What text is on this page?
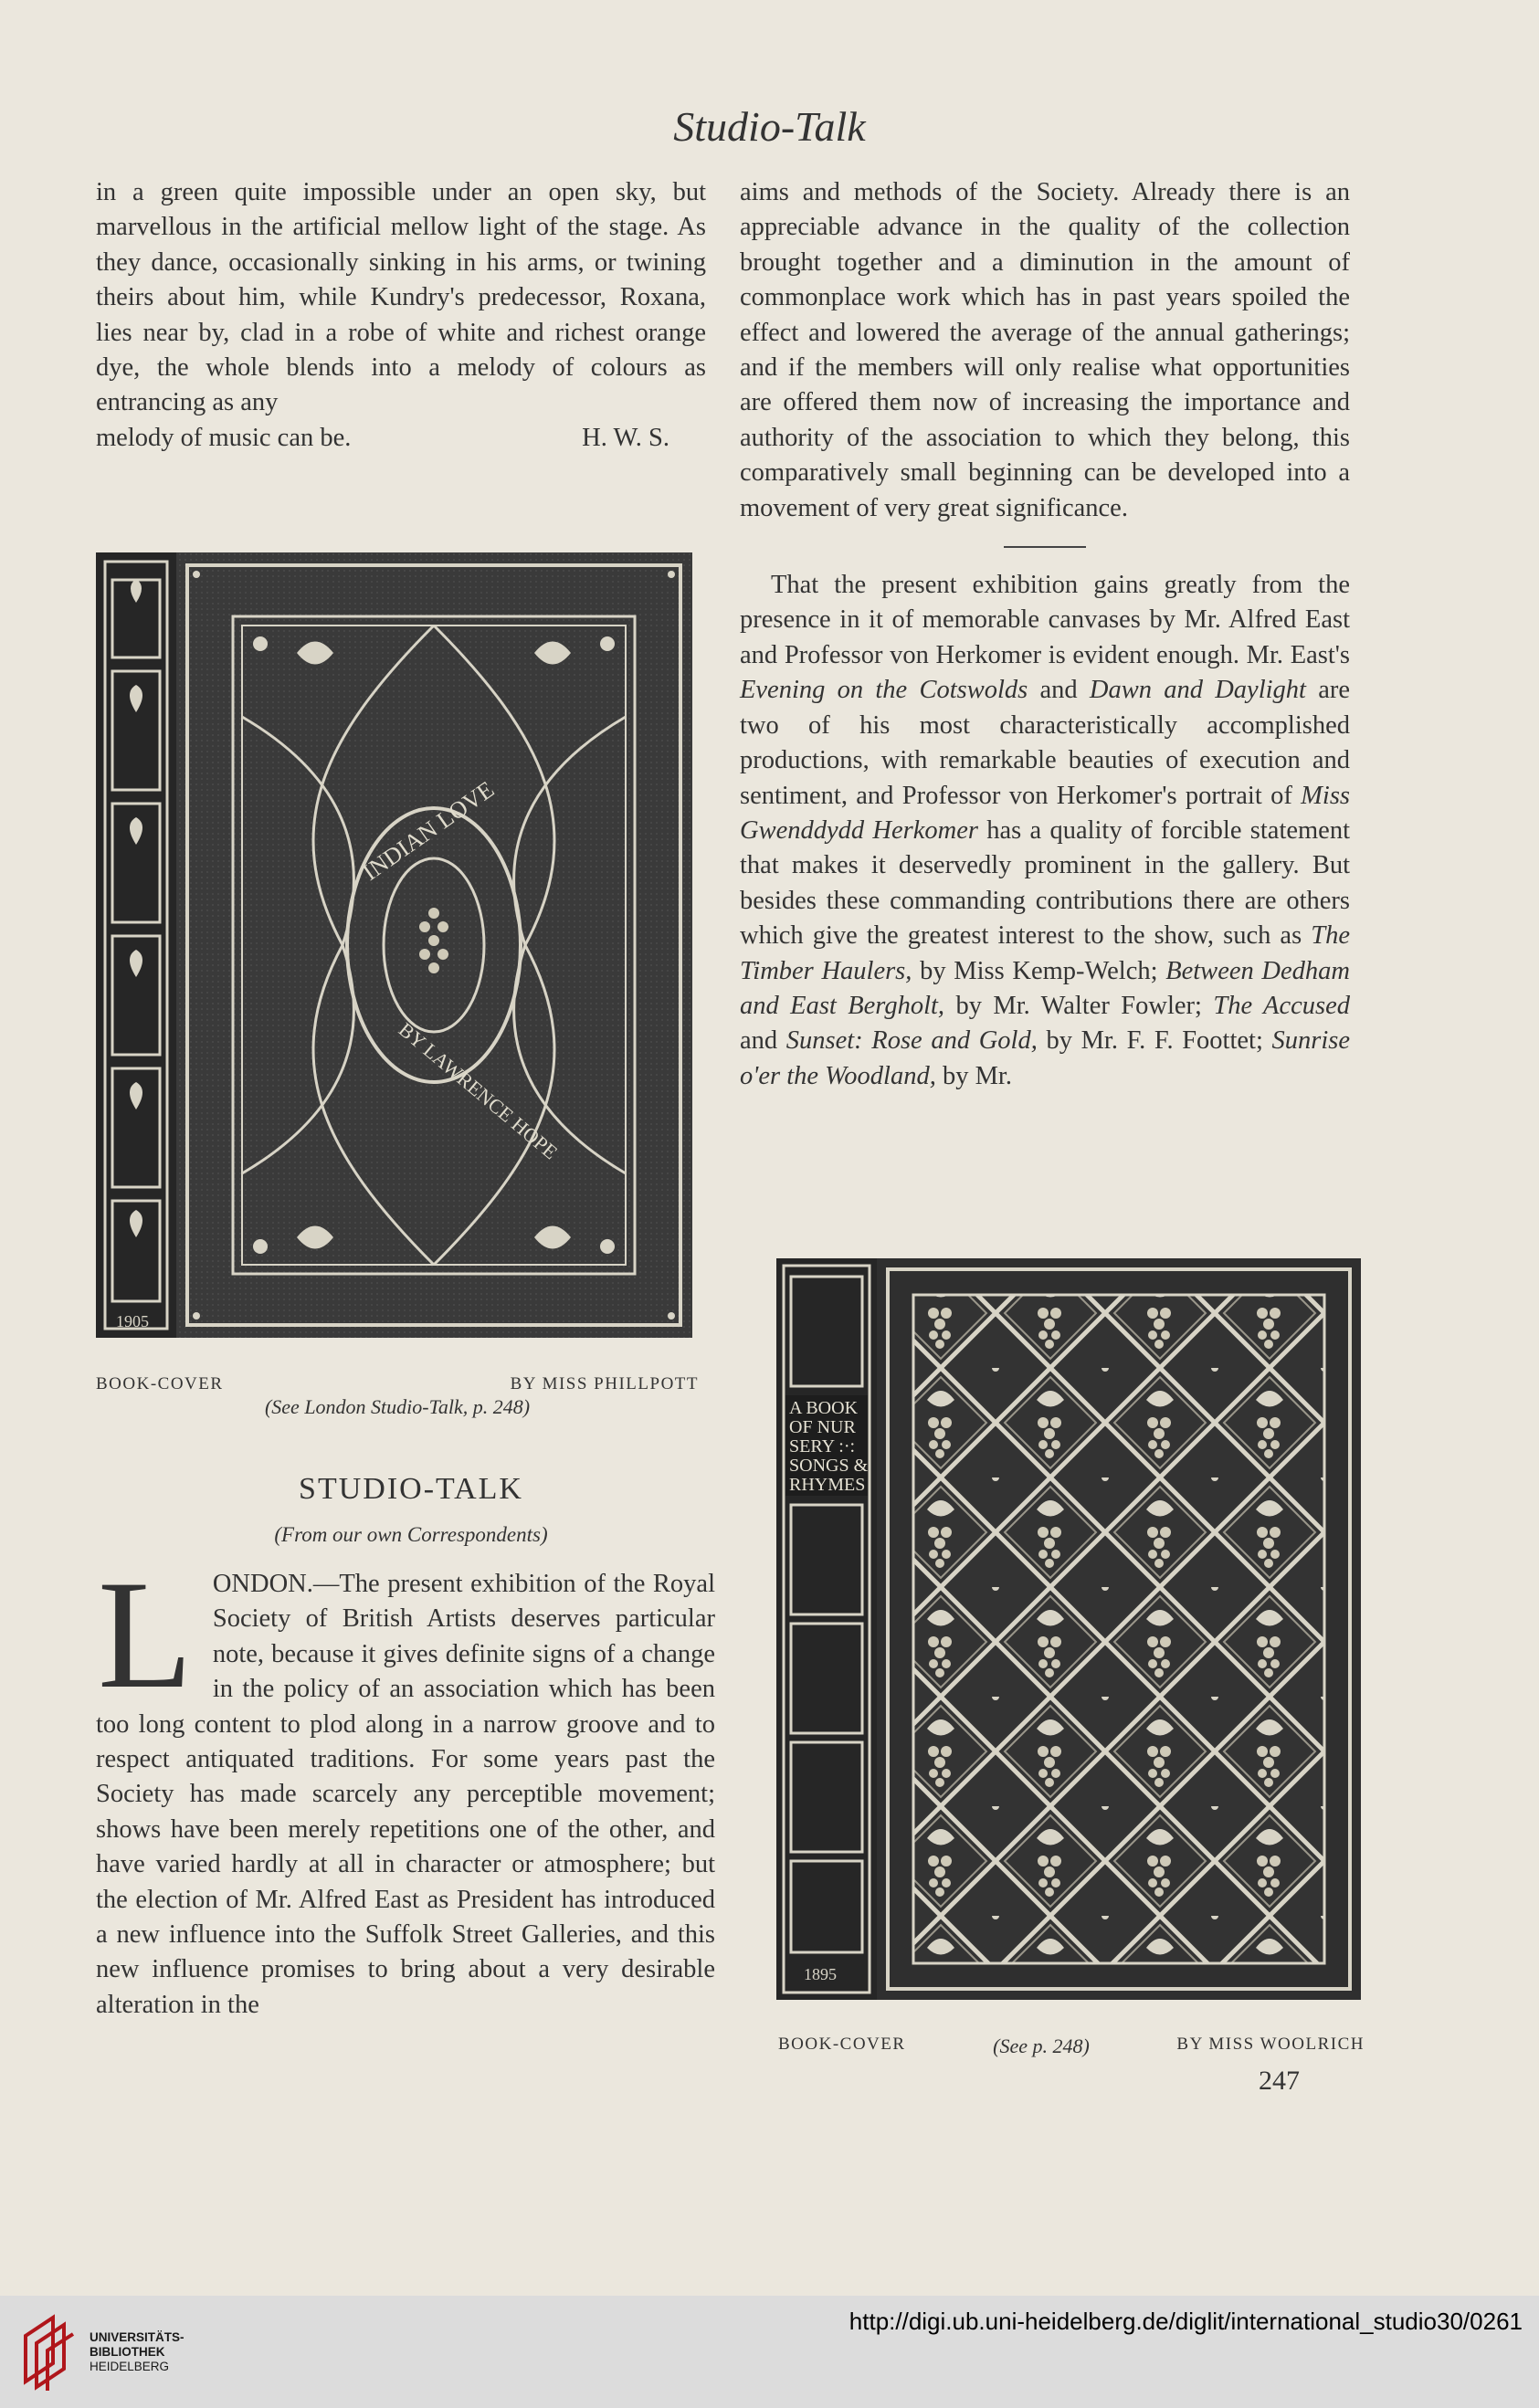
Studio-Talk

in a green quite impossible under an open sky, but marvellous in the artificial mellow light of the stage. As they dance, occasionally sinking in his arms, or twining theirs about him, while Kundry's predecessor, Roxana, lies near by, clad in a robe of white and richest orange dye, the whole blends into a melody of colours as entrancing as any

melody of music can be.	H. W. S.

aims and methods of the Society. Already there is an appreciable advance in the quality of the collection brought together and a diminution in the amount of commonplace work which has in past years spoiled the effect and lowered the average of the annual gatherings; and if the members will only realise what opportunities are offered them now of increasing the importance and authority of the association to which they belong, this comparatively small beginning can be developed into a movement of very great significance.

That the present exhibition gains greatly from the presence in it of memorable canvases by Mr. Alfred East and Professor von Herkomer is evident enough. Mr. East's Evening on the Cotswolds and Dawn and Daylight are two of his most characteristically accomplished productions, with remarkable beauties of execution and sentiment, and Professor von Herkomer's portrait of Miss Gwenddydd Herkomer has a quality of forcible statement that makes it deservedly prominent in the gallery. But besides these commanding contributions there are others which give the greatest interest to the show, such as The Timber Haulers, by Miss Kemp-Welch; Between Dedham and East Bergholt, by Mr. Walter Fowler; The Accused and Sunset: Rose and Gold, by Mr. F. F. Foottet; Sunrise o'er the Woodland, by Mr.

1905
INDIAN LOVE
BY LAWRENCE HOPE
BOOK-COVER	BY MISS PHILLPOTT
(See London Studio-Talk, p. 248)
STUDIO-TALK
(From our own Correspondents)
L ONDON.—The present exhibition of the Royal Society of British Artists deserves particular note, because it gives definite signs of a change in the policy of an association which has been too long content to plod along in a narrow groove and to respect antiquated traditions. For some years past the Society has made scarcely any perceptible movement; shows have been merely repetitions one of the other, and have varied hardly at all in character or atmosphere; but the election of Mr. Alfred East as President has introduced a new influence into the Suffolk Street Galleries, and this new influence promises to bring about a very desirable alteration in the

A BOOK
OF NUR
SERY :·:
SONGS &
RHYMES
1895
BOOK-COVER	(See p. 248)	BY MISS WOOLRICH
247
UNIVERSITÄTS-
BIBLIOTHEK
HEIDELBERG
http://digi.ub.uni-heidelberg.de/diglit/international_studio30/0261
